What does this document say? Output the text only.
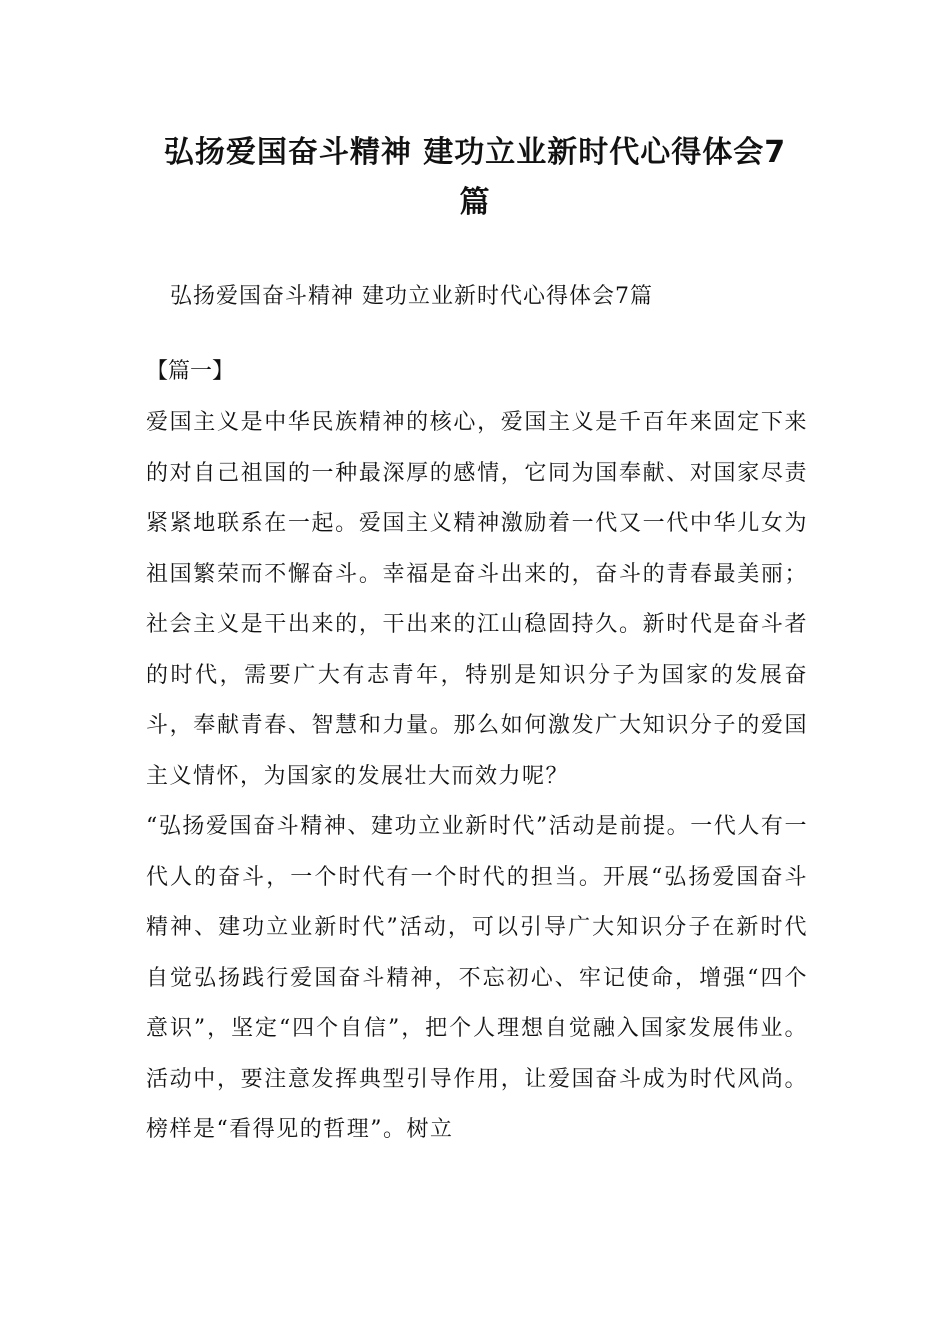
弘扬爱国奋斗精神 建功立业新时代心得体会7篇

弘扬爱国奋斗精神 建功立业新时代心得体会7篇

【篇一】

爱国主义是中华民族精神的核心，爱国主义是千百年来固定下来的对自己祖国的一种最深厚的感情，它同为国奉献、对国家尽责紧紧地联系在一起。爱国主义精神激励着一代又一代中华儿女为祖国繁荣而不懈奋斗。幸福是奋斗出来的，奋斗的青春最美丽；社会主义是干出来的，干出来的江山稳固持久。新时代是奋斗者的时代，需要广大有志青年，特别是知识分子为国家的发展奋斗，奉献青春、智慧和力量。那么如何激发广大知识分子的爱国主义情怀，为国家的发展壮大而效力呢？

“弘扬爱国奋斗精神、建功立业新时代”活动是前提。一代人有一代人的奋斗，一个时代有一个时代的担当。开展“弘扬爱国奋斗精神、建功立业新时代”活动，可以引导广大知识分子在新时代自觉弘扬践行爱国奋斗精神，不忘初心、牢记使命，增强“四个意识”，坚定“四个自信”，把个人理想自觉融入国家发展伟业。活动中，要注意发挥典型引导作用，让爱国奋斗成为时代风尚。榜样是“看得见的哲理”。树立
